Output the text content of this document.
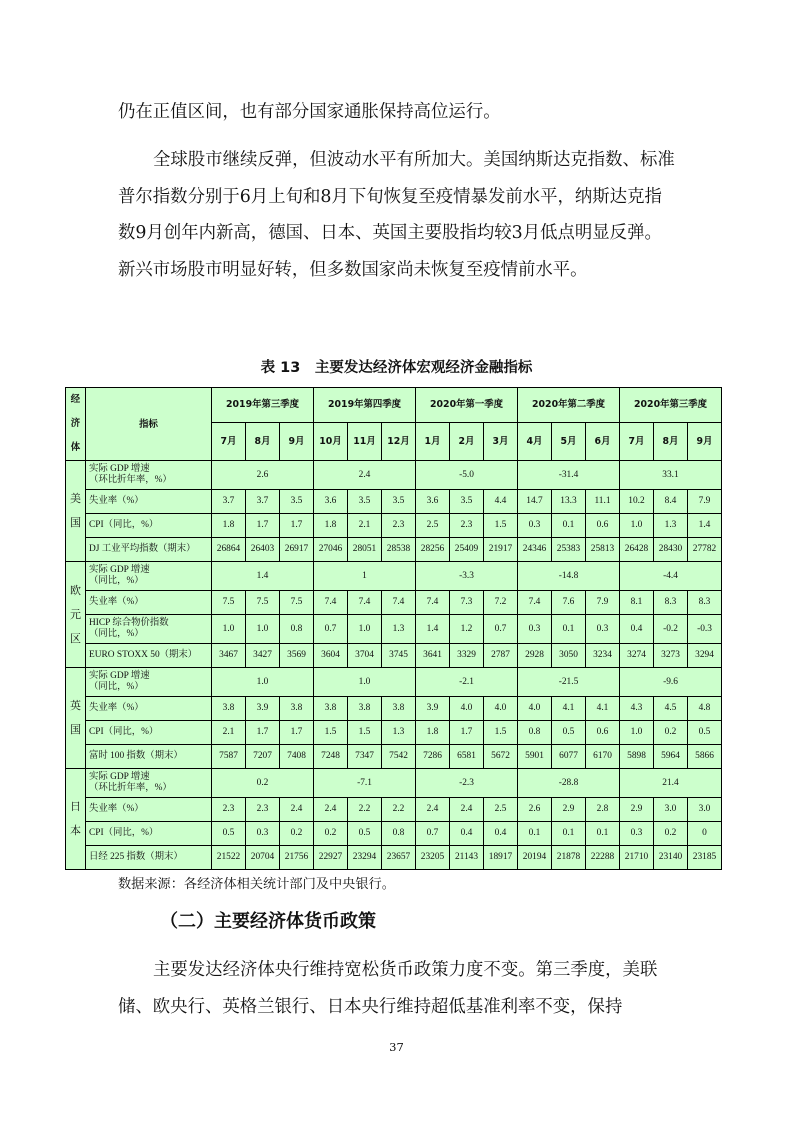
仍在正值区间，也有部分国家通胀保持高位运行。

全球股市继续反弹，但波动水平有所加大。美国纳斯达克指数、标准普尔指数分别于6月上旬和8月下旬恢复至疫情暴发前水平，纳斯达克指数9月创年内新高，德国、日本、英国主要股指均较3月低点明显反弹。新兴市场股市明显好转，但多数国家尚未恢复至疫情前水平。

表 13　主要发达经济体宏观经济金融指标
经济体	指标	2019年第三季度			2019年第四季度			2020年第一季度			2020年第二季度			2020年第三季度		
		7月	8月	9月	10月	11月	12月	1月	2月	3月	4月	5月	6月	7月	8月	9月
美国	实际 GDP 增速
（环比折年率，%）	2.6			2.4			-5.0			-31.4			33.1		

	失业率（%）	3.7	3.7	3.5	3.6	3.5	3.5	3.6	3.5	4.4	14.7	13.3	11.1	10.2	8.4	7.9

	CPI（同比，%）	1.8	1.7	1.7	1.8	2.1	2.3	2.5	2.3	1.5	0.3	0.1	0.6	1.0	1.3	1.4

	DJ 工业平均指数（期末）	26864	26403	26917	27046	28051	28538	28256	25409	21917	24346	25383	25813	26428	28430	27782
欧元区	实际 GDP 增速
（同比，%）	1.4			1			-3.3			-14.8			-4.4		

	失业率（%）	7.5	7.5	7.5	7.4	7.4	7.4	7.4	7.3	7.2	7.4	7.6	7.9	8.1	8.3	8.3

	HICP 综合物价指数
（同比，%）	1.0	1.0	0.8	0.7	1.0	1.3	1.4	1.2	0.7	0.3	0.1	0.3	0.4	-0.2	-0.3

	EURO STOXX 50（期末）	3467	3427	3569	3604	3704	3745	3641	3329	2787	2928	3050	3234	3274	3273	3294
英国	实际 GDP 增速
（同比，%）	1.0			1.0			-2.1			-21.5			-9.6		

	失业率（%）	3.8	3.9	3.8	3.8	3.8	3.8	3.9	4.0	4.0	4.0	4.1	4.1	4.3	4.5	4.8

	CPI（同比，%）	2.1	1.7	1.7	1.5	1.5	1.3	1.8	1.7	1.5	0.8	0.5	0.6	1.0	0.2	0.5

	富时 100 指数（期末）	7587	7207	7408	7248	7347	7542	7286	6581	5672	5901	6077	6170	5898	5964	5866
日本	实际 GDP 增速
（环比折年率，%）	0.2			-7.1			-2.3			-28.8			21.4		

	失业率（%）	2.3	2.3	2.4	2.4	2.2	2.2	2.4	2.4	2.5	2.6	2.9	2.8	2.9	3.0	3.0

	CPI（同比，%）	0.5	0.3	0.2	0.2	0.5	0.8	0.7	0.4	0.4	0.1	0.1	0.1	0.3	0.2	0

	日经 225 指数（期末）	21522	20704	21756	22927	23294	23657	23205	21143	18917	20194	21878	22288	21710	23140	23185

数据来源：各经济体相关统计部门及中央银行。

（二）主要经济体货币政策

主要发达经济体央行维持宽松货币政策力度不变。第三季度，美联储、欧央行、英格兰银行、日本央行维持超低基准利率不变，保持

37
